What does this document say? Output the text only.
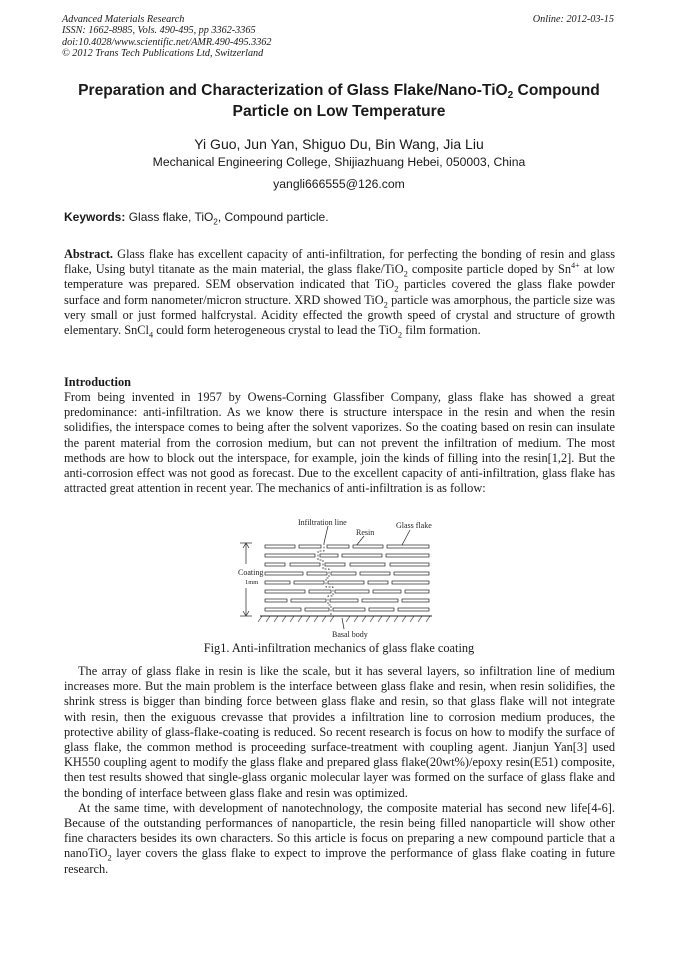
Advanced Materials Research
ISSN: 1662-8985, Vols. 490-495, pp 3362-3365
doi:10.4028/www.scientific.net/AMR.490-495.3362
© 2012 Trans Tech Publications Ltd, Switzerland
Online: 2012-03-15
Preparation and Characterization of Glass Flake/Nano-TiO$_2$ Compound
Particle on Low Temperature
Yi Guo, Jun Yan, Shiguo Du, Bin Wang, Jia Liu
Mechanical Engineering College, Shijiazhuang Hebei, 050003, China
yangli666555@126.com
Keywords: Glass flake, TiO$_2$, Compound particle.

Abstract. Glass flake has excellent capacity of anti-infiltration, for perfecting the bonding of resin and glass flake, Using butyl titanate as the main material, the glass flake/TiO$_2$ composite particle doped by $Sn^{4+}$ at low temperature was prepared. SEM observation indicated that TiO$_2$ particles covered the glass flake powder surface and form nanometer/micron structure. XRD showed TiO$_2$ particle was amorphous, the particle size was very small or just formed halfcrystal. Acidity effected the growth speed of crystal and structure of growth elementary. SnCl$_4$ could form heterogeneous crystal to lead the TiO$_2$ film formation.

Introduction

From being invented in 1957 by Owens-Corning Glassfiber Company, glass flake has showed a great predominance: anti-infiltration. As we know there is structure interspace in the resin and when the resin solidifies, the interspace comes to being after the solvent vaporizes. So the coating based on resin can insulate the parent material from the corrosion medium, but can not prevent the infiltration of medium. The most methods are how to block out the interspace, for example, join the kinds of filling into the resin[1,2]. But the anti-corrosion effect was not good as forecast. Due to the excellent capacity of anti-infiltration, glass flake has attracted great attention in recent year. The mechanics of anti-infiltration is as follow:

Infiltration line
Resin
Glass flake
Coating
1mm
Basal body
Fig1. Anti-infiltration mechanics of glass flake coating

The array of glass flake in resin is like the scale, but it has several layers, so infiltration line of medium increases more. But the main problem is the interface between glass flake and resin, when resin solidifies, the shrink stress is bigger than binding force between glass flake and resin, so that glass flake will not integrate with resin, then the exiguous crevasse that provides a infiltration line to corrosion medium produces, the protective ability of glass-flake-coating is reduced. So recent research is focus on how to modify the surface of glass flake, the common method is proceeding surface-treatment with coupling agent. Jianjun Yan[3] used KH550 coupling agent to modify the glass flake and prepared glass flake(20wt%)/epoxy resin(E51) composite, then test results showed that single-glass organic molecular layer was formed on the surface of glass flake and the bonding of interface between glass flake and resin was optimized.

At the same time, with development of nanotechnology, the composite material has second new life[4-6]. Because of the outstanding performances of nanoparticle, the resin being filled nanoparticle will show other fine characters besides its own characters. So this article is focus on preparing a new compound particle that a nanoTiO$_2$ layer covers the glass flake to expect to improve the performance of glass flake coating in future research.
